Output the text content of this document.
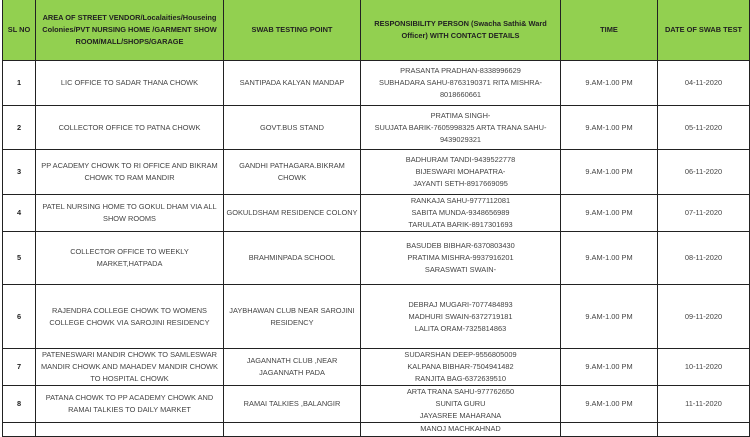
SL NO	AREA OF STREET VENDOR/Localaities/Houseing Colonies/PVT NURSING HOME /GARMENT SHOW ROOM/MALL/SHOPS/GARAGE	SWAB TESTING POINT	RESPONSIBILITY PERSON (Swacha Sathi& Ward Officer) WITH CONTACT DETAILS	TIME	DATE OF SWAB TEST
1	LIC OFFICE TO SADAR THANA CHOWK	SANTIPADA KALYAN MANDAP	PRASANTA PRADHAN-8338996629
SUBHADARA SAHU-8763190371 RITA MISHRA-
8018660661	9.AM-1.00 PM	04-11-2020
2	COLLECTOR OFFICE TO PATNA CHOWK	GOVT.BUS STAND	PRATIMA SINGH-
SUUJATA BARIK-7605998325 ARTA TRANA SAHU-
9439029321	9.AM-1.00 PM	05-11-2020
3	PP ACADEMY CHOWK TO RI OFFICE AND BIKRAM CHOWK TO RAM MANDIR	GANDHI PATHAGARA.BIKRAM CHOWK	BADHURAM TANDI-9439522778
BIJESWARI MOHAPATRA-
JAYANTI SETH-8917669095	9.AM-1.00 PM	06-11-2020
4	PATEL NURSING HOME TO GOKUL DHAM VIA ALL SHOW ROOMS	GOKULDSHAM RESIDENCE COLONY	RANKAJA SAHU-9777112081
SABITA MUNDA-9348656989
TARULATA BARIK-8917301693	9.AM-1.00 PM	07-11-2020
5	COLLECTOR OFFICE TO WEEKLY MARKET,HATPADA	BRAHMINPADA SCHOOL	BASUDEB BIBHAR-6370803430
PRATIMA MISHRA-9937916201
SARASWATI SWAIN-	9.AM-1.00 PM	08-11-2020
6	RAJENDRA COLLEGE CHOWK TO WOMENS COLLEGE CHOWK VIA SAROJINI RESIDENCY	JAYBHAWAN CLUB NEAR SAROJINI RESIDENCY	DEBRAJ MUGARI-7077484893
MADHURI SWAIN-6372719181
LALITA ORAM-7325814863	9.AM-1.00 PM	09-11-2020
7	PATENESWARI MANDIR CHOWK TO SAMLESWAR MANDIR CHOWK AND MAHADEV MANDIR CHOWK TO HOSPITAL CHOWK	JAGANNATH CLUB ,NEAR JAGANNATH PADA	SUDARSHAN DEEP-9556805009
KALPANA BIBHAR-7504941482
RANJITA BAG-6372639510	9.AM-1.00 PM	10-11-2020
8	PATANA CHOWK TO PP ACADEMY CHOWK AND RAMAI TALKIES TO DAILY MARKET	RAMAI TALKIES ,BALANGIR	ARTA TRANA SAHU-977762650
SUNITA GURU
JAYASREE MAHARANA	9.AM-1.00 PM	11-11-2020

			MANOJ MACHKAHNAD		
